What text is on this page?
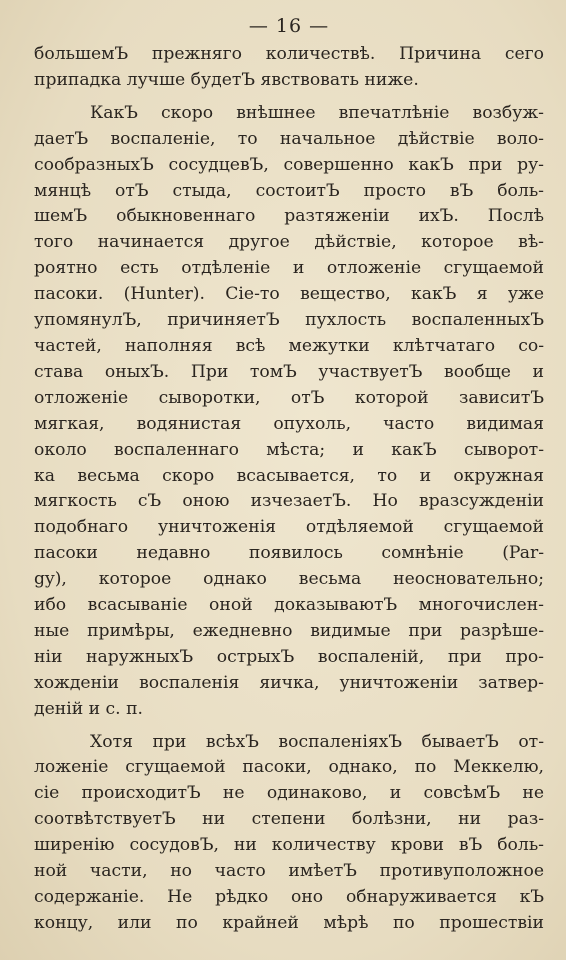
— 16 —
большемЪ прежняго количествѣ. Причина сего
припадка лучше будетЪ явствовать ниже.
КакЪ скоро внѣшнее впечатлѣніе возбуж-
даетЪ воспаленіе, то начальное дѣйствіе воло-
сообразныхЪ сосудцевЪ, совершенно какЪ при ру-
мянцѣ отЪ стыда, состоитЪ просто вЪ боль-
шемЪ обыкновеннаго разтяженіи ихЪ. Послѣ
того начинается другое дѣйствіе, которое вѣ-
роятно есть отдѣленіе и отложеніе сгущаемой
пасоки. (Hunter). Сіе-то вещество, какЪ я уже
упомянулЪ, причиняетЪ пухлость воспаленныхЪ
частей, наполняя всѣ межутки клѣтчатаго со-
става оныхЪ. При томЪ участвуетЪ вообще и
отложеніе сыворотки, отЪ которой зависитЪ
мягкая, водянистая опухоль, часто видимая
около воспаленнаго мѣста; и какЪ сыворот-
ка весьма скоро всасывается, то и окружная
мягкость сЪ оною изчезаетЪ. Но вразсужденіи
подобнаго уничтоженія отдѣляемой сгущаемой
пасоки недавно появилось сомнѣніе (Par-
gy), которое однако весьма неосновательно;
ибо всасываніе оной доказываютЪ многочислен-
ные примѣры, ежедневно видимые при разрѣше-
ніи наружныхЪ острыхЪ воспаленій, при про-
хожденіи воспаленія яичка, уничтоженіи затвер-
деній и с. п.
Хотя при всѣхЪ воспаленіяхЪ бываетЪ от-
ложеніе сгущаемой пасоки, однако, по Меккелю,
сіе происходитЪ не одинаково, и совсѣмЪ не
соотвѣтствуетЪ ни степени болѣзни, ни раз-
ширенію сосудовЪ, ни количеству крови вЪ боль-
ной части, но часто имѣетЪ противуположное
содержаніе. Не рѣдко оно обнаруживается кЪ
концу, или по крайней мѣрѣ по прошествіи
